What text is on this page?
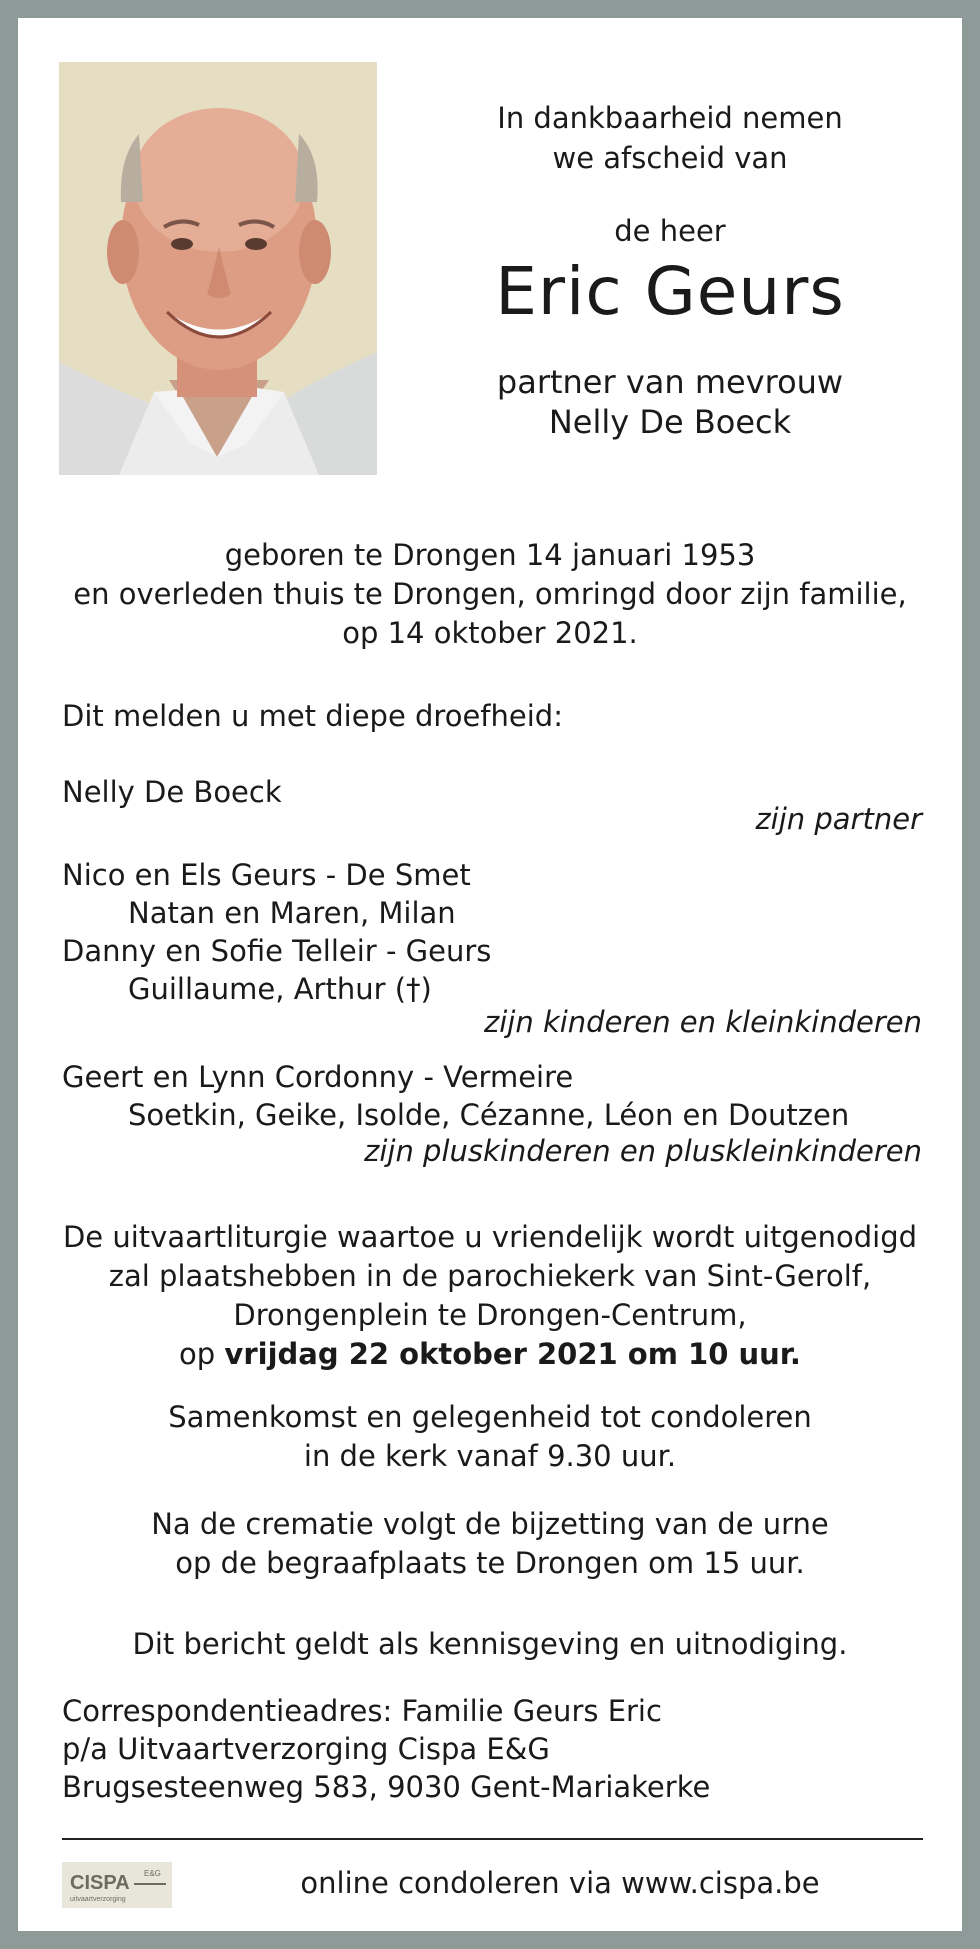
In dankbaarheid nemen
we afscheid van
de heer
Eric Geurs
partner van mevrouw
Nelly De Boeck
geboren te Drongen 14 januari 1953
en overleden thuis te Drongen, omringd door zijn familie,
op 14 oktober 2021.
Dit melden u met diepe droefheid:
Nelly De Boeck
zijn partner
Nico en Els Geurs - De Smet
Natan en Maren, Milan
Danny en Sofie Telleir - Geurs
Guillaume, Arthur (†)
zijn kinderen en kleinkinderen
Geert en Lynn Cordonny - Vermeire
Soetkin, Geike, Isolde, Cézanne, Léon en Doutzen
zijn pluskinderen en pluskleinkinderen
De uitvaartliturgie waartoe u vriendelijk wordt uitgenodigd
zal plaatshebben in de parochiekerk van Sint-Gerolf,
Drongenplein te Drongen-Centrum,
op vrijdag 22 oktober 2021 om 10 uur.
Samenkomst en gelegenheid tot condoleren
in de kerk vanaf 9.30 uur.
Na de crematie volgt de bijzetting van de urne
op de begraafplaats te Drongen om 15 uur.
Dit bericht geldt als kennisgeving en uitnodiging.
Correspondentieadres: Familie Geurs Eric
p/a Uitvaartverzorging Cispa E&G
Brugsesteenweg 583, 9030 Gent-Mariakerke
CISPA E&G
uitvaartverzorging	online condoleren via www.cispa.be
